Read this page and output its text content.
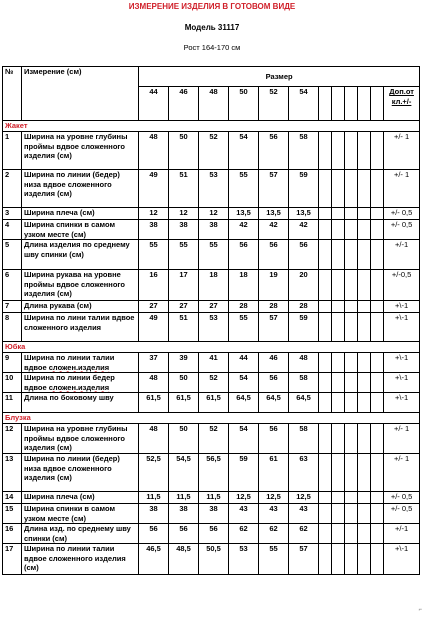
ИЗМЕРЕНИЕ ИЗДЕЛИЯ В ГОТОВОМ ВИДЕ
Модель 31117
Рост 164-170 см
№	Измерение (см)	Размер											
		44	46	48	50	52	54						Доп.от кл.+/-
Жакет													
1	Ширина на уровне глубины проймы вдвое сложенного изделия (см)	48	50	52	54	56	58						+/- 1
2	Ширина по линии (бедер) низа вдвое сложенного изделия (см)	49	51	53	55	57	59						+/- 1
3	Ширина плеча (см)	12	12	12	13,5	13,5	13,5						+/- 0,5
4	Ширина спинки в самом узком месте (см)	38	38	38	42	42	42						+/- 0,5
5	Длина изделия по среднему шву спинки (см)	55	55	55	56	56	56						+/-1
6	Ширина рукава на уровне проймы вдвое сложенного изделия (см)	16	17	18	18	19	20						+/-0,5
7	Длина рукава (см)	27	27	27	28	28	28						+\-1
8	Ширина по лини талии вдвое сложенного изделия	49	51	53	55	57	59						+\-1
Юбка													
9	Ширина по линии талии вдвое сложен.изделия	37	39	41	44	46	48						+\-1
10	Ширина по линии бедер вдвое сложен.изделия	48	50	52	54	56	58						+\-1
11	Длина по боковому шву	61,5	61,5	61,5	64,5	64,5	64,5						+\-1
Блузка													
12	Ширина на уровне глубины проймы вдвое сложенного изделия (см)	48	50	52	54	56	58						+/- 1
13	Ширина по линии (бедер) низа вдвое сложенного изделия (см)	52,5	54,5	56,5	59	61	63						+/- 1
14	Ширина плеча (см)	11,5	11,5	11,5	12,5	12,5	12,5						+/- 0,5
15	Ширина спинки в самом узком месте (см)	38	38	38	43	43	43						+/- 0,5
16	Длина изд. по среднему шву спинки (см)	56	56	56	62	62	62						+/-1
17	Ширина по линии талии вдвое сложенного изделия (см)	46,5	48,5	50,5	53	55	57						+\-1
⌐
